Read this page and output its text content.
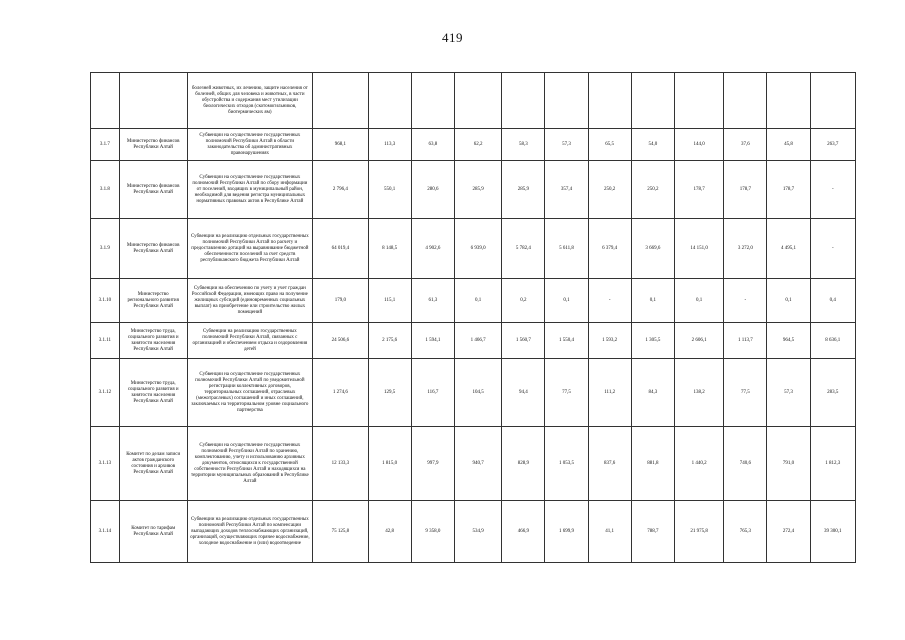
419
		болезней животных, их лечению, защите населения от болезней, общих для человека и животных, в части обустройства и содержания мест утилизации биологических отходов (скотомогильников, биотермических ям)												
3.1.7	Министерство финансов Республики Алтай	Субвенции на осуществление государственных полномочий Республики Алтай в области законодательства об административных правонарушениях	968,1	113,3	63,8	62,2	58,3	57,3	65,5	54,0	144,0	37,6	45,8	263,7
3.1.8	Министерство финансов Республики Алтай	Субвенции на осуществление государственных полномочий Республики Алтай по сбору информации от поселений, входящих в муниципальный район, необходимой для ведения регистра муниципальных нормативных правовых актов в Республике Алтай	2 796,4	550,1	280,6	285,9	285,9	357,4	250,2	250,2	178,7	178,7	178,7	-
3.1.9	Министерство финансов Республики Алтай	Субвенции на реализацию отдельных государственных полномочий Республики Алтай по расчету и предоставлению дотаций на выравнивание бюджетной обеспеченности поселений за счет средств республиканского бюджета Республики Алтай	64 019,4	8 148,5	4 902,6	6 939,0	5 782,4	5 611,8	6 379,4	3 669,6	14 151,0	3 272,0	4 495,1	-
3.1.10	Министерство регионального развития Республики Алтай	Субвенции на обеспечению по учету и учет граждан Российской Федерации, имеющих право на получение жилищных субсидий (единовременных социальных выплат) на приобретение или строительство жилых помещений	179,0	115,1	61,3	0,1	0,2	0,1	-	0,1	0,1	-	0,1	0,4
3.1.11	Министерство труда, социального развития и занятости населения Республики Алтай	Субвенции на реализацию государственных полномочий Республики Алтай, связанных с организацией и обеспечением отдыха и оздоровления детей	24 506,6	2 175,6	1 594,1	1 466,7	1 560,7	1 550,4	1 593,2	1 305,5	2 606,1	1 113,7	964,5	8 636,1
3.1.12	Министерство труда, социального развития и занятости населения Республики Алтай	Субвенции на осуществление государственных полномочий Республики Алтай по уведомительной регистрации коллективных договоров, территориальных соглашений, отраслевых (межотраслевых) соглашений и иных соглашений, заключаемых на территориальном уровне социального партнерства	1 274,6	129,5	116,7	104,5	94,4	77,5	111,2	84,3	138,2	77,5	57,3	283,5
3.1.13	Комитет по делам записи актов гражданского состояния и архивов Республики Алтай	Субвенции на осуществление государственных полномочий Республики Алтай по хранению, комплектованию, учету и использованию архивных документов, относящихся к государственной собственности Республики Алтай и находящихся на территории муниципальных образований в Республике Алтай	12 133,3	1 815,0	997,9	940,7	828,9	1 053,5	837,6	881,8	1 440,2	740,6	791,0	1 812,3
3.1.14	Комитет по тарифам Республики Алтай	Субвенции на реализацию отдельных государственных полномочий Республики Алтай по компенсации выпадающих доходов теплоснабжающих организаций, организаций, осуществляющих горячее водоснабжение, холодное водоснабжение и (или) водоотведение	75 125,8	42,8	9 358,0	534,9	466,9	1 699,9	41,1	788,7	21 975,8	765,3	272,4	39 300,1
